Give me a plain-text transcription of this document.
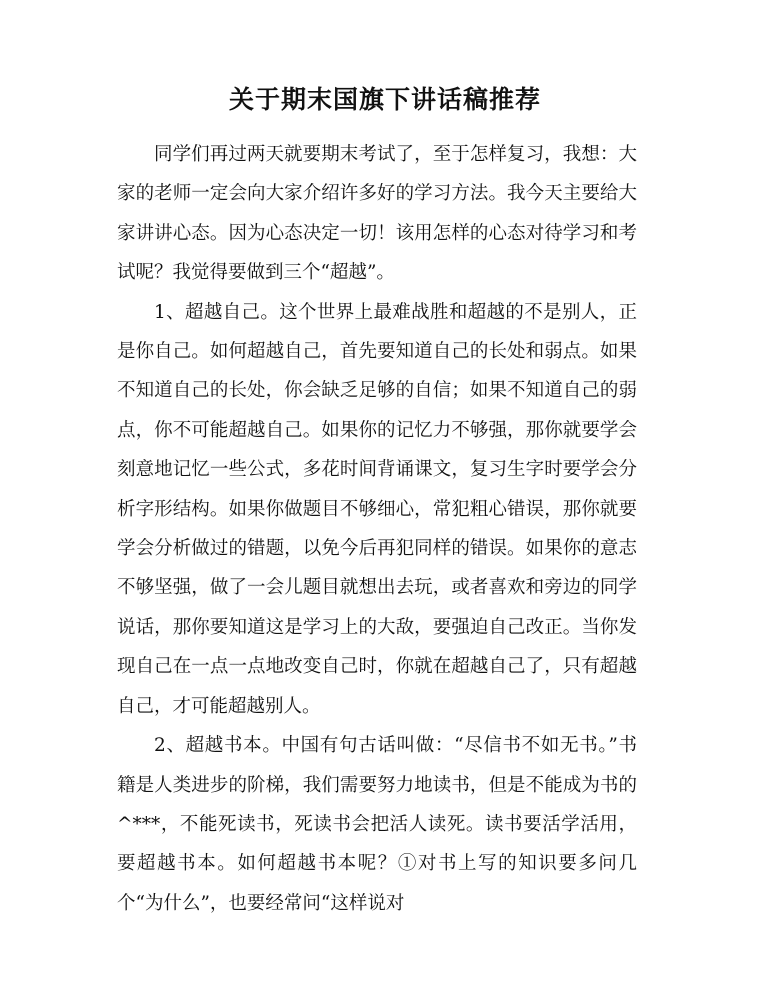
关于期末国旗下讲话稿推荐

同学们再过两天就要期末考试了，至于怎样复习，我想：大家的老师一定会向大家介绍许多好的学习方法。我今天主要给大家讲讲心态。因为心态决定一切！该用怎样的心态对待学习和考试呢？我觉得要做到三个“超越”。

1、超越自己。这个世界上最难战胜和超越的不是别人，正是你自己。如何超越自己，首先要知道自己的长处和弱点。如果不知道自己的长处，你会缺乏足够的自信；如果不知道自己的弱点，你不可能超越自己。如果你的记忆力不够强，那你就要学会刻意地记忆一些公式，多花时间背诵课文，复习生字时要学会分析字形结构。如果你做题目不够细心，常犯粗心错误，那你就要学会分析做过的错题，以免今后再犯同样的错误。如果你的意志不够坚强，做了一会儿题目就想出去玩，或者喜欢和旁边的同学说话，那你要知道这是学习上的大敌，要强迫自己改正。当你发现自己在一点一点地改变自己时，你就在超越自己了，只有超越自己，才可能超越别人。

2、超越书本。中国有句古话叫做：“尽信书不如无书。”书籍是人类进步的阶梯，我们需要努力地读书，但是不能成为书的^***，不能死读书，死读书会把活人读死。读书要活学活用，要超越书本。如何超越书本呢？①对书上写的知识要多问几个“为什么”，也要经常问“这样说对
